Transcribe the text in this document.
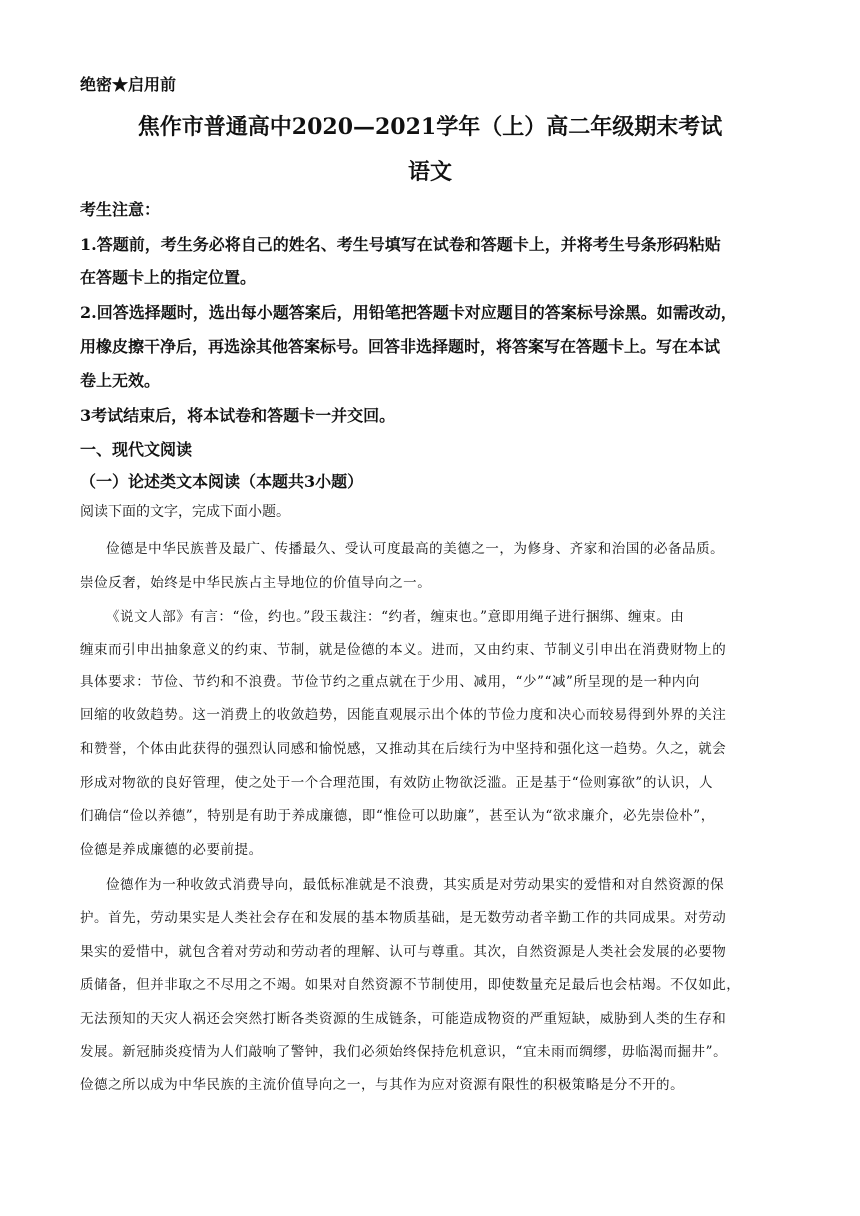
绝密★启用前
焦作市普通高中2020—2021学年（上）高二年级期末考试
语文
考生注意：
1.答题前，考生务必将自己的姓名、考生号填写在试卷和答题卡上，并将考生号条形码粘贴
在答题卡上的指定位置。
2.回答选择题时，选出每小题答案后，用铅笔把答题卡对应题目的答案标号涂黑。如需改动，
用橡皮擦干净后，再选涂其他答案标号。回答非选择题时，将答案写在答题卡上。写在本试
卷上无效。
3考试结束后，将本试卷和答题卡一并交回。
一、现代文阅读
（一）论述类文本阅读（本题共3小题）
阅读下面的文字，完成下面小题。
俭德是中华民族普及最广、传播最久、受认可度最高的美德之一，为修身、齐家和治国的必备品质。
崇俭反奢，始终是中华民族占主导地位的价值导向之一。
《说文人部》有言：“俭，约也。”段玉裁注：“约者，缠束也。”意即用绳子进行捆绑、缠束。由
缠束而引申出抽象意义的约束、节制，就是俭德的本义。进而，又由约束、节制义引申出在消费财物上的
具体要求：节俭、节约和不浪费。节俭节约之重点就在于少用、减用，“少”“减”所呈现的是一种内向
回缩的收敛趋势。这一消费上的收敛趋势，因能直观展示出个体的节俭力度和决心而较易得到外界的关注
和赞誉，个体由此获得的强烈认同感和愉悦感，又推动其在后续行为中坚持和强化这一趋势。久之，就会
形成对物欲的良好管理，使之处于一个合理范围，有效防止物欲泛滥。正是基于“俭则寡欲”的认识，人
们确信“俭以养德”，特别是有助于养成廉德，即“惟俭可以助廉”，甚至认为“欲求廉介，必先崇俭朴”，
俭德是养成廉德的必要前提。
俭德作为一种收敛式消费导向，最低标准就是不浪费，其实质是对劳动果实的爱惜和对自然资源的保
护。首先，劳动果实是人类社会存在和发展的基本物质基础，是无数劳动者辛勤工作的共同成果。对劳动
果实的爱惜中，就包含着对劳动和劳动者的理解、认可与尊重。其次，自然资源是人类社会发展的必要物
质储备，但并非取之不尽用之不竭。如果对自然资源不节制使用，即使数量充足最后也会枯竭。不仅如此，
无法预知的天灾人祸还会突然打断各类资源的生成链条，可能造成物资的严重短缺，威胁到人类的生存和
发展。新冠肺炎疫情为人们敲响了警钟，我们必须始终保持危机意识，“宜未雨而绸缪，毋临渴而掘井”。
俭德之所以成为中华民族的主流价值导向之一，与其作为应对资源有限性的积极策略是分不开的。
